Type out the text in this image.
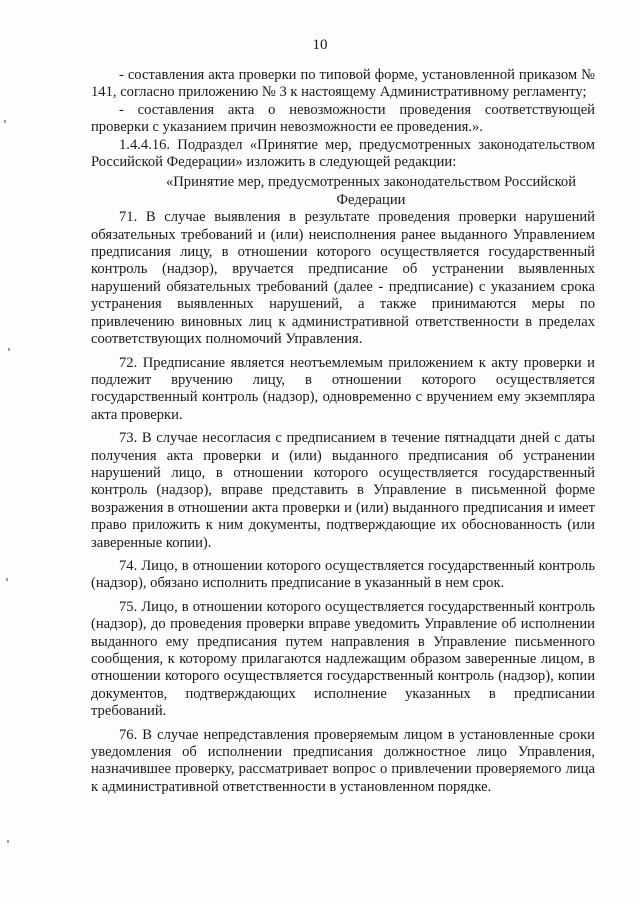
10

- составления акта проверки по типовой форме, установленной приказом № 141, согласно приложению № 3 к настоящему Административному регламенту;

- составления акта о невозможности проведения соответствующей проверки с указанием причин невозможности ее проведения.».

1.4.4.16. Подраздел «Принятие мер, предусмотренных законодательством Российской Федерации» изложить в следующей редакции:

«Принятие мер, предусмотренных законодательством Российской Федерации

71. В случае выявления в результате проведения проверки нарушений обязательных требований и (или) неисполнения ранее выданного Управлением предписания лицу, в отношении которого осуществляется государственный контроль (надзор), вручается предписание об устранении выявленных нарушений обязательных требований (далее - предписание) с указанием срока устранения выявленных нарушений, а также принимаются меры по привлечению виновных лиц к административной ответственности в пределах соответствующих полномочий Управления.

72. Предписание является неотъемлемым приложением к акту проверки и подлежит вручению лицу, в отношении которого осуществляется государственный контроль (надзор), одновременно с вручением ему экземпляра акта проверки.

73. В случае несогласия с предписанием в течение пятнадцати дней с даты получения акта проверки и (или) выданного предписания об устранении нарушений лицо, в отношении которого осуществляется государственный контроль (надзор), вправе представить в Управление в письменной форме возражения в отношении акта проверки и (или) выданного предписания и имеет право приложить к ним документы, подтверждающие их обоснованность (или заверенные копии).

74. Лицо, в отношении которого осуществляется государственный контроль (надзор), обязано исполнить предписание в указанный в нем срок.

75. Лицо, в отношении которого осуществляется государственный контроль (надзор), до проведения проверки вправе уведомить Управление об исполнении выданного ему предписания путем направления в Управление письменного сообщения, к которому прилагаются надлежащим образом заверенные лицом, в отношении которого осуществляется государственный контроль (надзор), копии документов, подтверждающих исполнение указанных в предписании требований.

76. В случае непредставления проверяемым лицом в установленные сроки уведомления об исполнении предписания должностное лицо Управления, назначившее проверку, рассматривает вопрос о привлечении проверяемого лица к административной ответственности в установленном порядке.
